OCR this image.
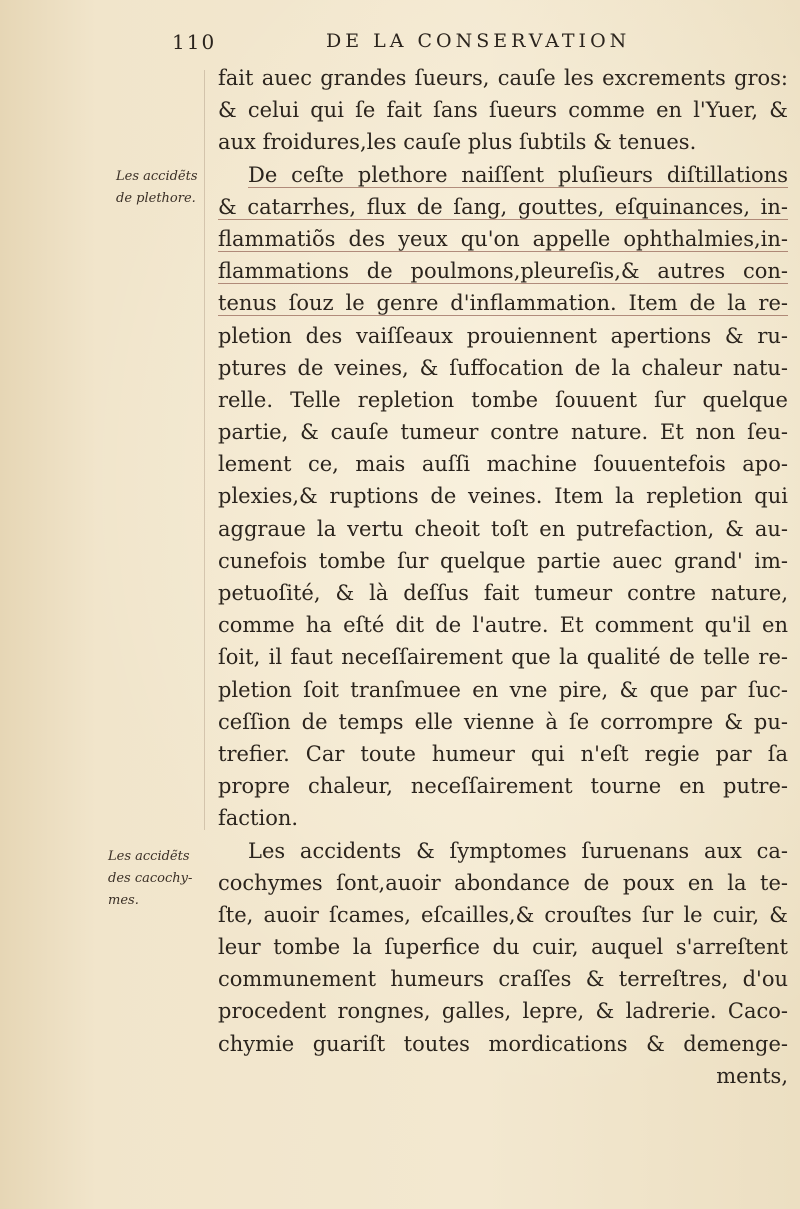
110	DE LA CONSERVATION
Les accidẽts
de plethore.
Les accidẽts
des cacochy-
mes.
fait auec grandes ſueurs, cauſe les excrements gros:
& celui qui ſe fait ſans ſueurs comme en l'Yuer, &
aux froidures,les cauſe plus ſubtils & tenues.
De ceſte plethore naiſſent pluſieurs diſtillations
& catarrhes, flux de ſang, gouttes, eſquinances, in-
flammatiõs des yeux qu'on appelle ophthalmies,in-
flammations de poulmons,pleureſis,& autres con-
tenus ſouz le genre d'inflammation. Item de la re-
pletion des vaiſſeaux prouiennent apertions & ru-
ptures de veines, & ſuffocation de la chaleur natu-
relle. Telle repletion tombe ſouuent ſur quelque
partie, & cauſe tumeur contre nature. Et non ſeu-
lement ce, mais auſſi machine ſouuentefois apo-
plexies,& ruptions de veines. Item la repletion qui
aggraue la vertu cheoit toſt en putrefaction, & au-
cunefois tombe ſur quelque partie auec grand' im-
petuoſité, & là deſſus fait tumeur contre nature,
comme ha eſté dit de l'autre. Et comment qu'il en
ſoit, il faut neceſſairement que la qualité de telle re-
pletion ſoit tranſmuee en vne pire, & que par ſuc-
ceſſion de temps elle vienne à ſe corrompre & pu-
trefier. Car toute humeur qui n'eſt regie par ſa
propre chaleur, neceſſairement tourne en putre-
faction.
Les accidents & ſymptomes ſuruenans aux ca-
cochymes ſont,auoir abondance de poux en la te-
ſte, auoir ſcames, eſcailles,& crouſtes ſur le cuir, &
leur tombe la ſuperfice du cuir, auquel s'arreſtent
communement humeurs craſſes & terreſtres, d'ou
procedent rongnes, galles, lepre, & ladrerie. Caco-
chymie guariſt toutes mordications & demenge-
ments,
